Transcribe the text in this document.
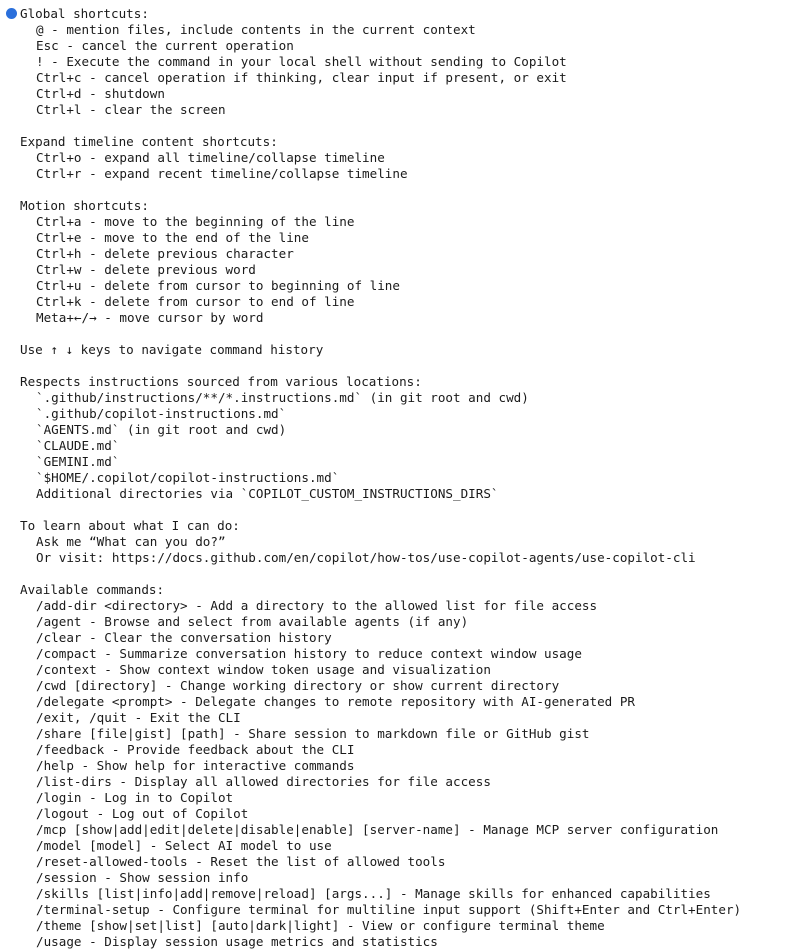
Global shortcuts:
@ - mention files, include contents in the current context
Esc - cancel the current operation
! - Execute the command in your local shell without sending to Copilot
Ctrl+c - cancel operation if thinking, clear input if present, or exit
Ctrl+d - shutdown
Ctrl+l - clear the screen
Expand timeline content shortcuts:
Ctrl+o - expand all timeline/collapse timeline
Ctrl+r - expand recent timeline/collapse timeline
Motion shortcuts:
Ctrl+a - move to the beginning of the line
Ctrl+e - move to the end of the line
Ctrl+h - delete previous character
Ctrl+w - delete previous word
Ctrl+u - delete from cursor to beginning of line
Ctrl+k - delete from cursor to end of line
Meta+←/→ - move cursor by word
Use ↑ ↓ keys to navigate command history
Respects instructions sourced from various locations:
`.github/instructions/**/*.instructions.md` (in git root and cwd)
`.github/copilot-instructions.md`
`AGENTS.md` (in git root and cwd)
`CLAUDE.md`
`GEMINI.md`
`$HOME/.copilot/copilot-instructions.md`
Additional directories via `COPILOT_CUSTOM_INSTRUCTIONS_DIRS`
To learn about what I can do:
Ask me “What can you do?”
Or visit: https://docs.github.com/en/copilot/how-tos/use-copilot-agents/use-copilot-cli
Available commands:
/add-dir <directory> - Add a directory to the allowed list for file access
/agent - Browse and select from available agents (if any)
/clear - Clear the conversation history
/compact - Summarize conversation history to reduce context window usage
/context - Show context window token usage and visualization
/cwd [directory] - Change working directory or show current directory
/delegate <prompt> - Delegate changes to remote repository with AI-generated PR
/exit, /quit - Exit the CLI
/share [file|gist] [path] - Share session to markdown file or GitHub gist
/feedback - Provide feedback about the CLI
/help - Show help for interactive commands
/list-dirs - Display all allowed directories for file access
/login - Log in to Copilot
/logout - Log out of Copilot
/mcp [show|add|edit|delete|disable|enable] [server-name] - Manage MCP server configuration
/model [model] - Select AI model to use
/reset-allowed-tools - Reset the list of allowed tools
/session - Show session info
/skills [list|info|add|remove|reload] [args...] - Manage skills for enhanced capabilities
/terminal-setup - Configure terminal for multiline input support (Shift+Enter and Ctrl+Enter)
/theme [show|set|list] [auto|dark|light] - View or configure terminal theme
/usage - Display session usage metrics and statistics
